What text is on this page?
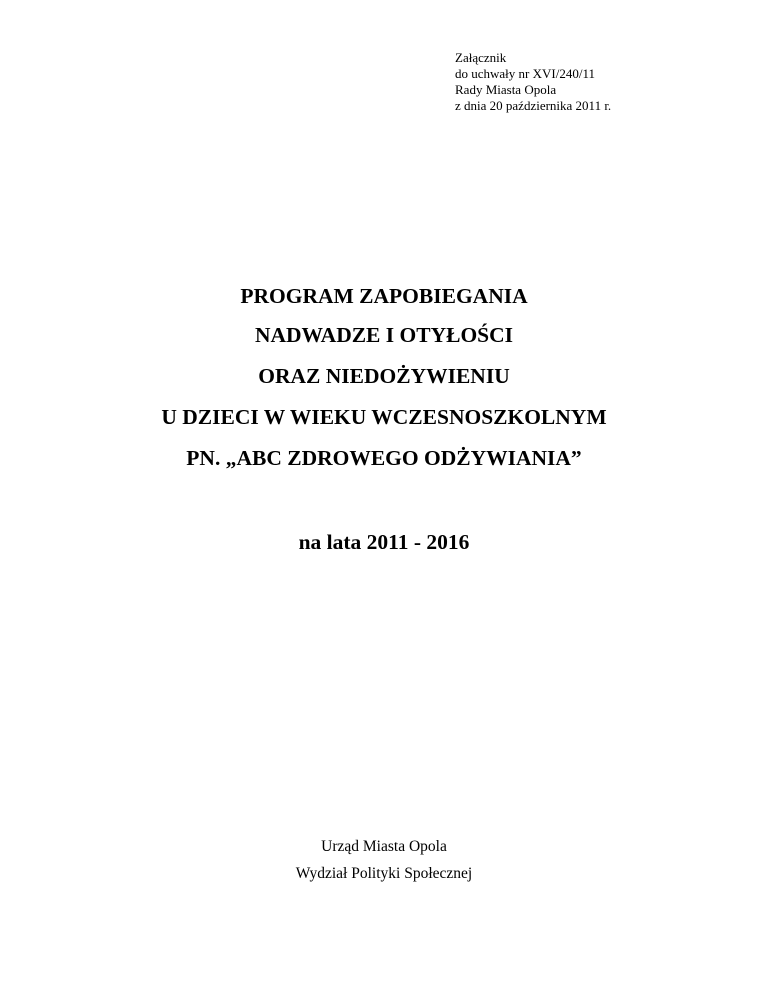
Załącznik
do uchwały nr XVI/240/11
Rady Miasta Opola
z dnia 20 października 2011 r.
PROGRAM ZAPOBIEGANIA
NADWADZE I OTYŁOŚCI
ORAZ NIEDOŻYWIENIU
U DZIECI W WIEKU WCZESNOSZKOLNYM
PN. „ABC ZDROWEGO ODŻYWIANIA”
na lata 2011 - 2016
Urząd Miasta Opola
Wydział Polityki Społecznej
